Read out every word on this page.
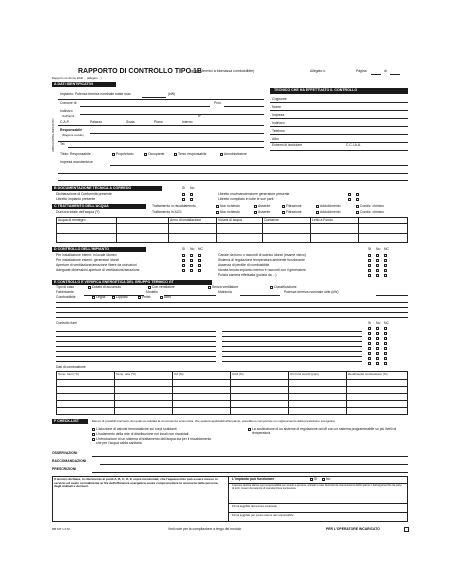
RAPPORTO DI CONTROLLO TIPO 1B
(gruppi termici a biomassa combustibile)	Allegato n.	Pagina	di
Rapporto conforme DGR ... (allegato ...)
A DATI IDENTIFICATIVI
TECNICO CHE HA EFFETTUATO IL CONTROLLO
UBICAZIONE IMPIANTO
Impianto: Potenza termica nominale totale max	(kW)
Comune di	Prov.
Indirizzo
Via/Piazza	N°
C.A.P.	Palazzo	Scala	Piano	Interno
Responsabile
(Ragione sociale)
Tel.
Cognome
Nome
Impresa
Indirizzo
Telefono
Albo
Estremi di iscrizione	C.C.I.A.A.
Titolo: Responsabile	Proprietario	Occupante	Terzo responsabile	Amministratore
Impresa manutentrice
B DOCUMENTAZIONE TECNICA A CORREDO	Si No
Dichiarazione di Conformità presente
Libretto impianto presente
Libretto uso/manutenzione generatore presente
Libretto compilato in tutte le sue parti
C TRATTAMENTO DELL'ACQUA	Trattamento in riscaldamento
Trattamento in ACS
Non richiesto	Assente	Filtrazione	Addolcimento	Condiz. chimico
Non richiesto	Assente	Filtrazione	Addolcimento	Condiz. chimico
Durezza totale dell'acqua (°f)
Acqua di reintegro	Anno di installazione	Volumi di acqua	Contatore	Letto a Fondo
D CONTROLLO DELL'IMPIANTO	Si No NC	Si No NC
Per installazione interni: in locale idoneo
Per installazione esterni: generatori idonei
Aperture di ventilazione/aerazione libere da ostruzioni
Adeguate dimensioni aperture di ventilazione/aerazione
Canale da fumo o raccordi di scarico idonei (esame visivo)
Sistema di regolazione temperatura ambiente funzionante
Assenza di perdite di combustibile
Idonea tenuta impianto interno e raccordi con il generatore
Pulizia camera effettuata (pulizia da ...)
E CONTROLLO E VERIFICA ENERGETICA DEL GRUPPO TERMICO GT
Tipo di caso	Dotato di accumulo	Con ventilatore	Senza ventilatore	Classificazione
Fabbricante	Modello	Matricola	Potenza termica nominale utile (kW)
Combustibile	Legna	Cippato	Pellet	Altro
Controllo fumi	Si No NC
Dati di combustione
Temp. fumi (°C)	Temp. aria (°C)	O2 (%)	CO2 (%)	CO fumi secchi (ppm)	Rendimento combustione (%)
F CHECK-LIST	Elenco di possibili interventi, dei quali va valutata la convenienza economica, che qualora applicabili all'impianto, potrebbero comportare un miglioramento della prestazione energetica
L'adozione di valvole termostatiche sui corpi scaldanti
L'isolamento della rete di distribuzione nei locali non riscaldati
L'introduzione di un sistema di trattamento dell'acqua sia per il riscaldamento che per l'acqua calda sanitaria
La sostituzione di un sistema di regolazione on/off con un sistema programmabile su più livelli di temperatura
OSSERVAZIONI
RACCOMANDAZIONI
PRESCRIZIONI
Il tecnico dichiara, in riferimento ai punti A, B, C, D, E sopra menzionati, che l'apparecchio può essere messo in servizio ed usato normalmente ai fini dell'efficienza energetica senza compromettere la sicurezza delle persone, degli animali e dei beni.
L'impianto può funzionare	Si	No
Il tecnico declina altresì ogni responsabilità per sinistri a persone, animali o cose derivanti da manomissioni dell'impianto o dell'apparecchio da parte di terzi, ovvero da carenze di manutenzione successiva.
Firma leggibile del tecnico incaricato
Firma leggibile per presa visione del responsabile
RB MT 1.0 M	Vedi note per la compilazione a tergo del modulo	PER L'OPERATORE INCARICATO
